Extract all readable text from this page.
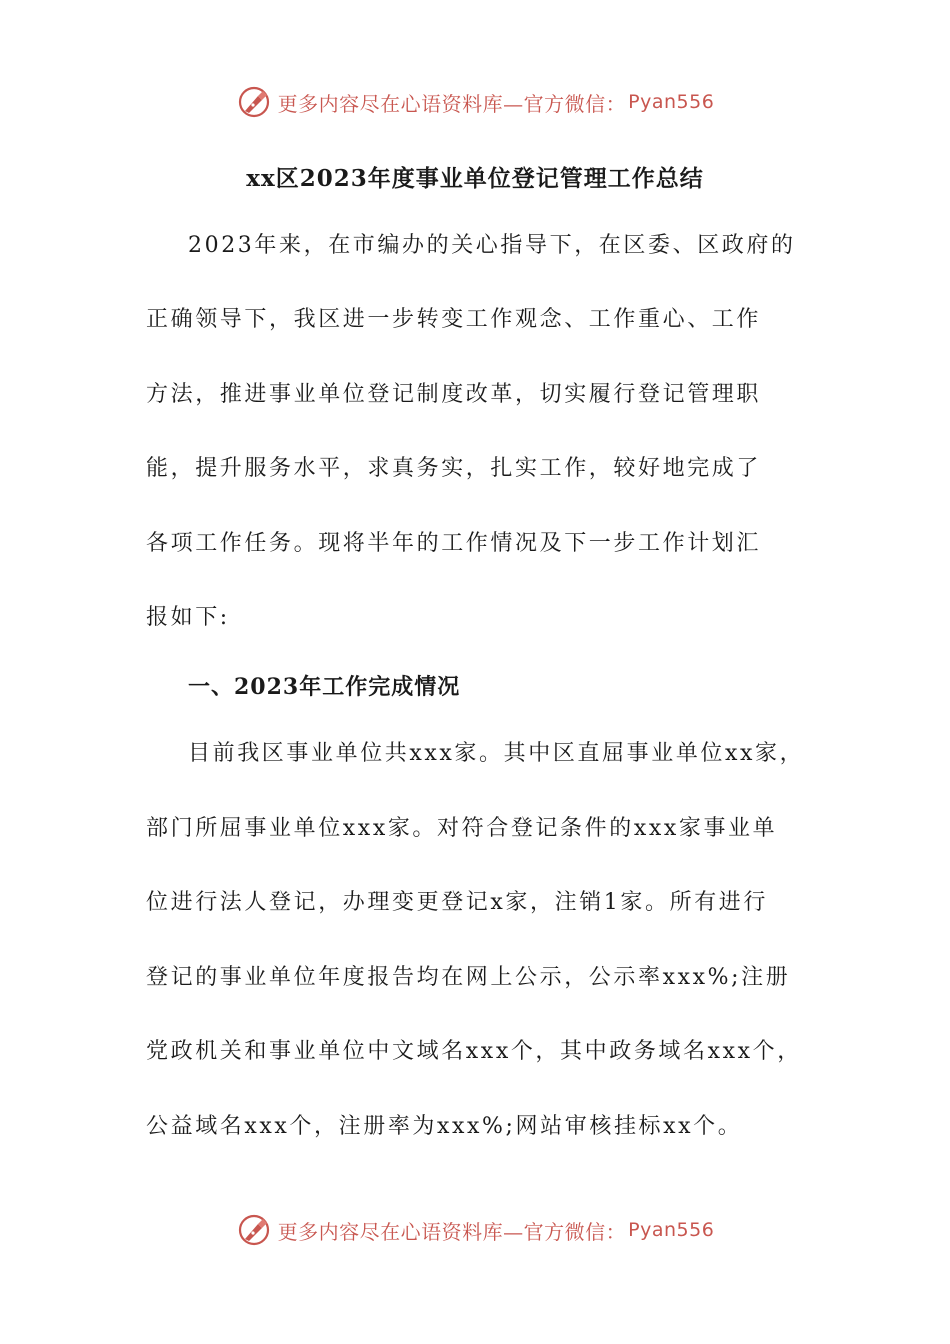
更多内容尽在心语资料库—官方微信： Pyan556
xx区2023年度事业单位登记管理工作总结
2023年来，在市编办的关心指导下，在区委、区政府的
正确领导下，我区进一步转变工作观念、工作重心、工作
方法，推进事业单位登记制度改革，切实履行登记管理职
能，提升服务水平，求真务实，扎实工作，较好地完成了
各项工作任务。现将半年的工作情况及下一步工作计划汇
报如下:
一、2023年工作完成情况
目前我区事业单位共xxx家。其中区直屈事业单位xx家，
部门所屈事业单位xxx家。对符合登记条件的xxx家事业单
位进行法人登记，办理变更登记x家，注销1家。所有进行
登记的事业单位年度报告均在网上公示，公示率xxx%;注册
党政机关和事业单位中文域名xxx个，其中政务域名xxx个，
公益域名xxx个，注册率为xxx%;网站审核挂标xx个。
更多内容尽在心语资料库—官方微信： Pyan556
